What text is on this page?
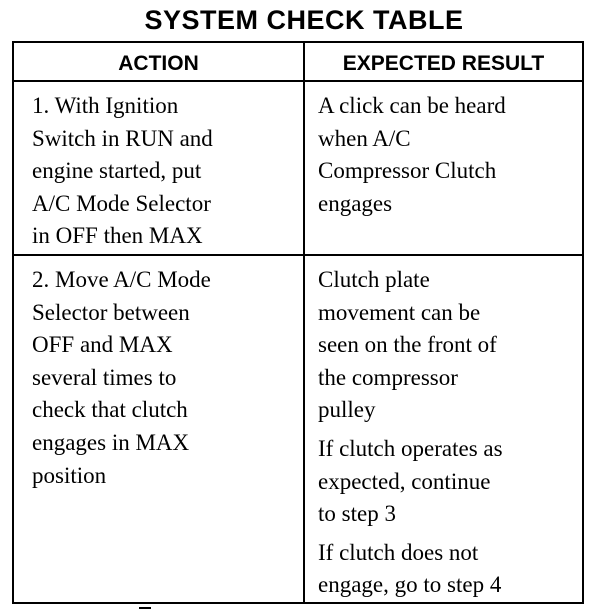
SYSTEM CHECK TABLE
ACTION	EXPECTED RESULT
1. With Ignition
Switch in RUN and
engine started, put
A/C Mode Selector
in OFF then MAX
A click can be heard
when A/C
Compressor Clutch
engages
2. Move A/C Mode
Selector between
OFF and MAX
several times to
check that clutch
engages in MAX
position
Clutch plate
movement can be
seen on the front of
the compressor
pulley
If clutch operates as
expected, continue
to step 3
If clutch does not
engage, go to step 4
